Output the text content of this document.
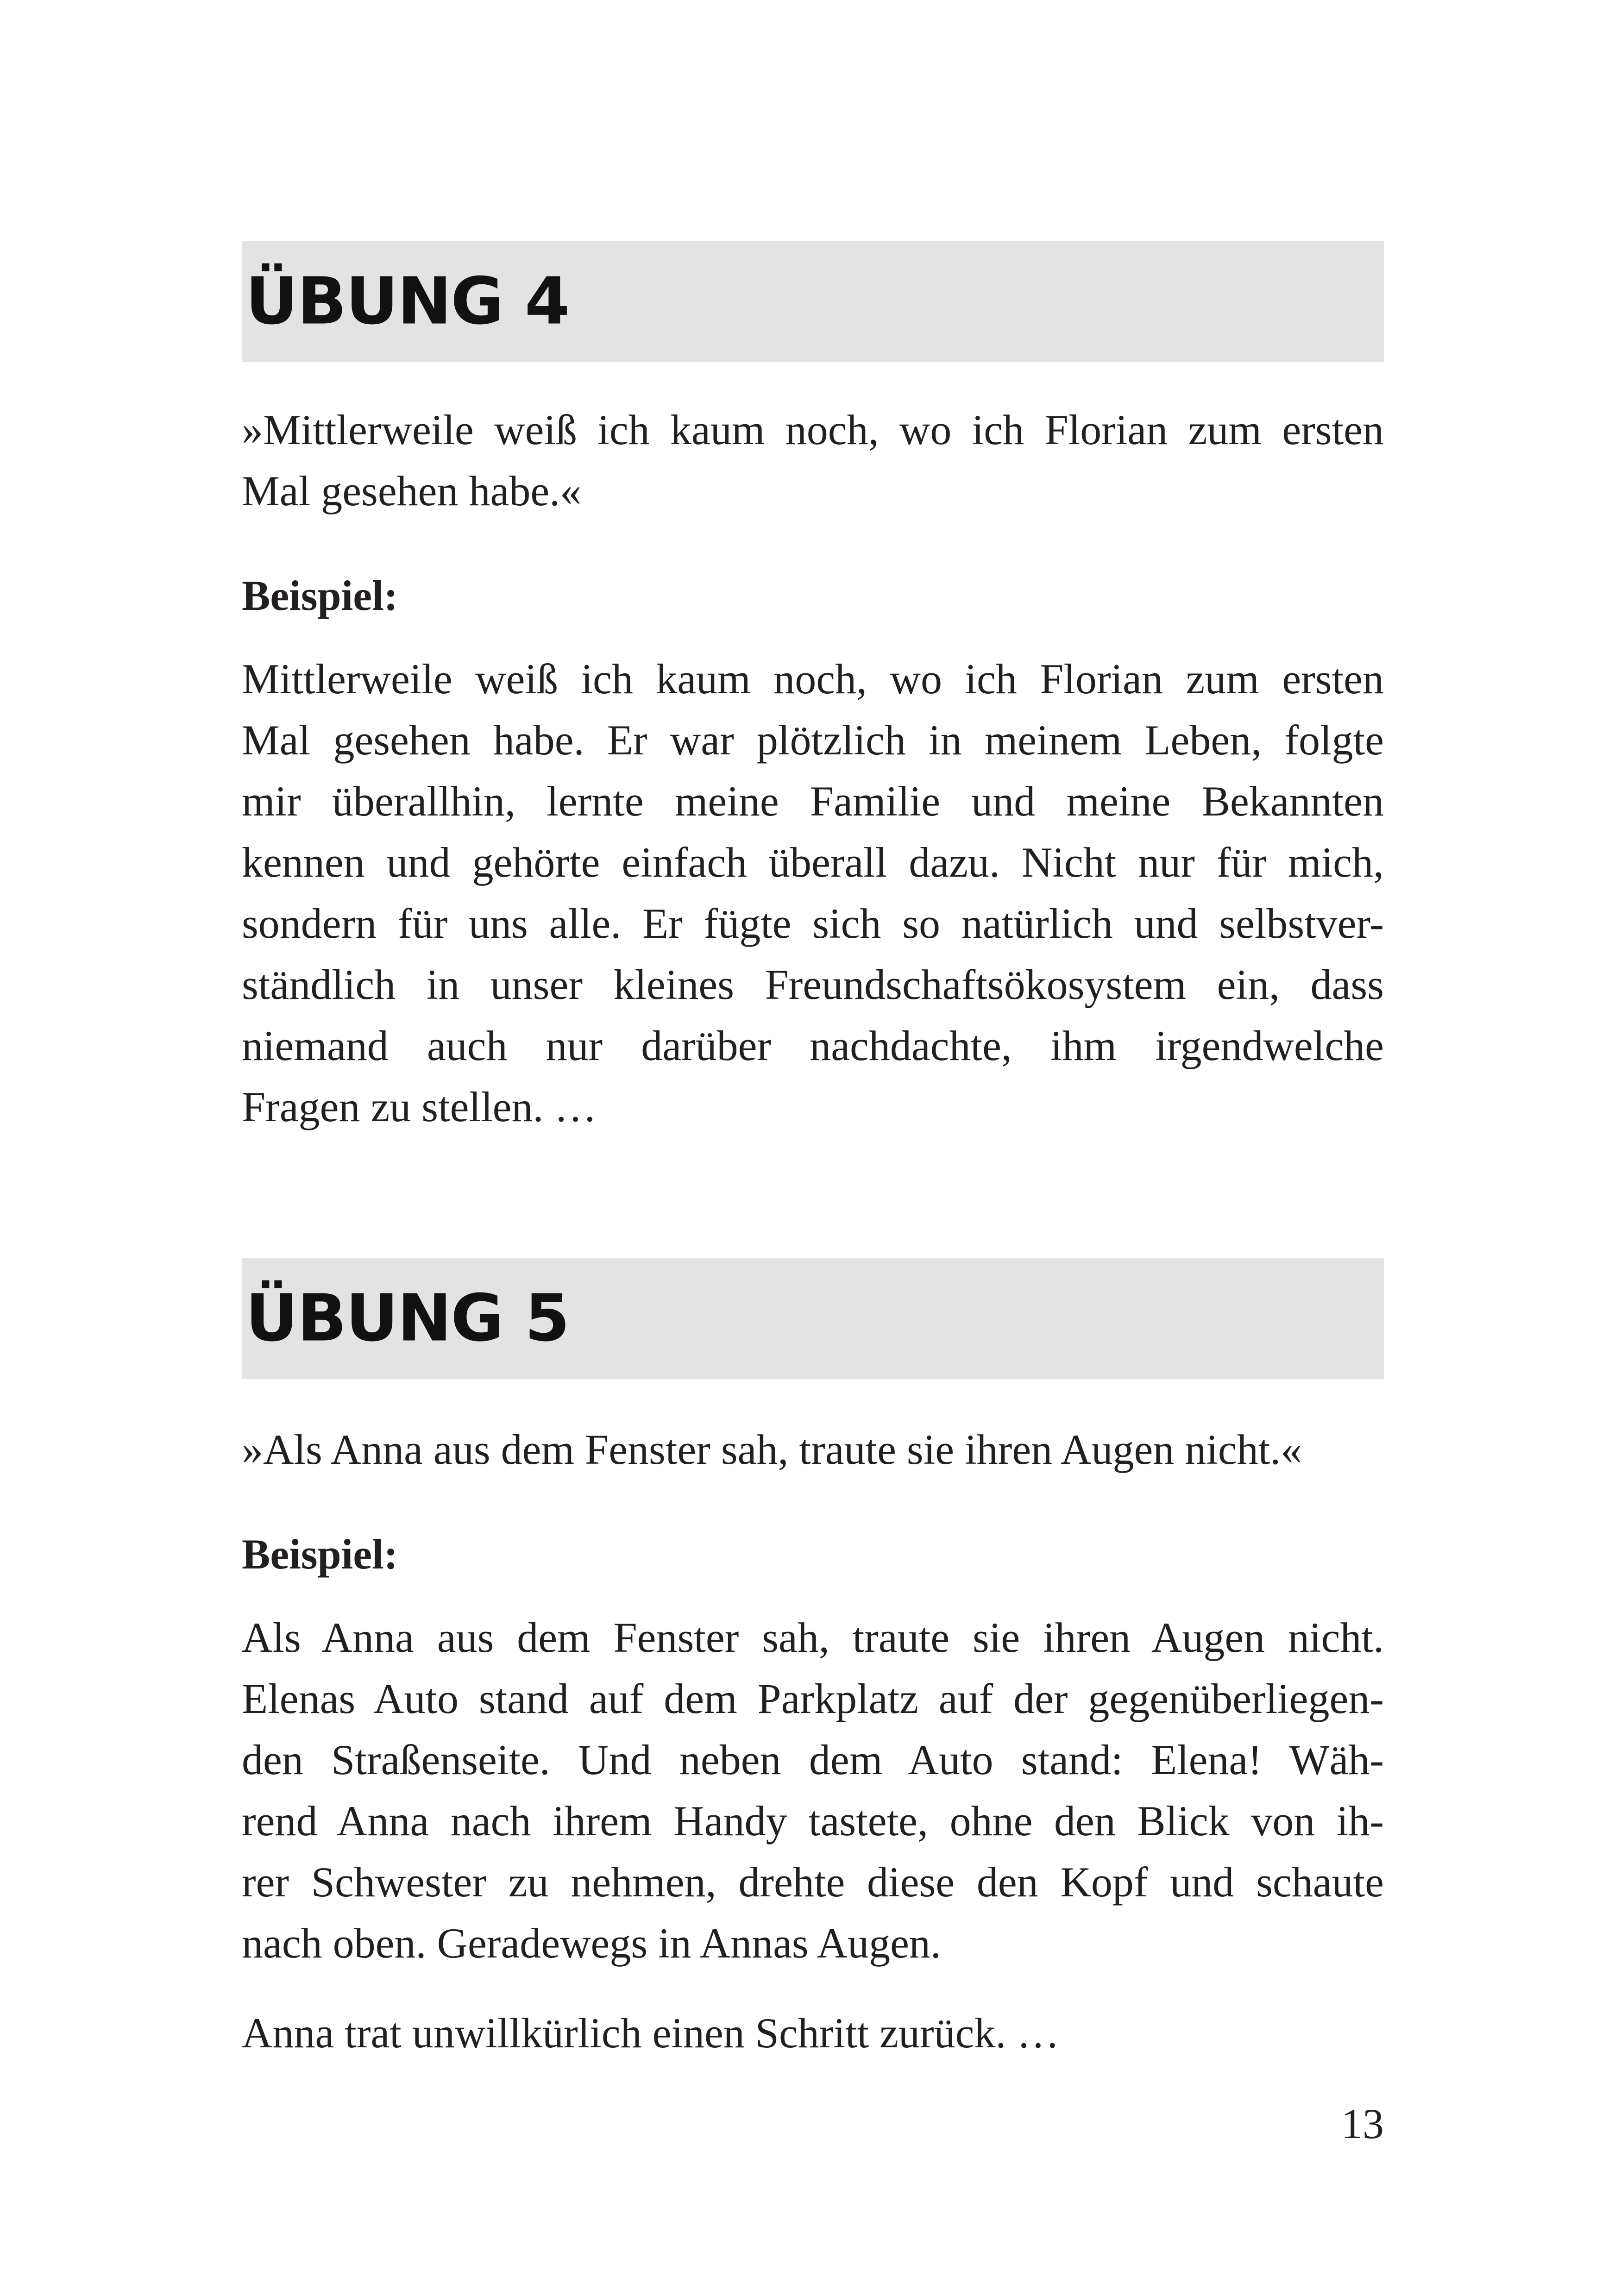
ÜBUNG 4
»Mittlerweile weiß ich kaum noch, wo ich Florian zum ersten
Mal gesehen habe.«

Beispiel:

Mittlerweile weiß ich kaum noch, wo ich Florian zum ersten
Mal gesehen habe. Er war plötzlich in meinem Leben, folgte
mir überallhin, lernte meine Familie und meine Bekannten
kennen und gehörte einfach überall dazu. Nicht nur für mich,
sondern für uns alle. Er fügte sich so natürlich und selbstver-
ständlich in unser kleines Freundschaftsökosystem ein, dass
niemand auch nur darüber nachdachte, ihm irgendwelche
Fragen zu stellen. …
ÜBUNG 5
»Als Anna aus dem Fenster sah, traute sie ihren Augen nicht.«

Beispiel:

Als Anna aus dem Fenster sah, traute sie ihren Augen nicht.
Elenas Auto stand auf dem Parkplatz auf der gegenüberliegen-
den Straßenseite. Und neben dem Auto stand: Elena! Wäh-
rend Anna nach ihrem Handy tastete, ohne den Blick von ih-
rer Schwester zu nehmen, drehte diese den Kopf und schaute
nach oben. Geradewegs in Annas Augen.
Anna trat unwillkürlich einen Schritt zurück. …
13
